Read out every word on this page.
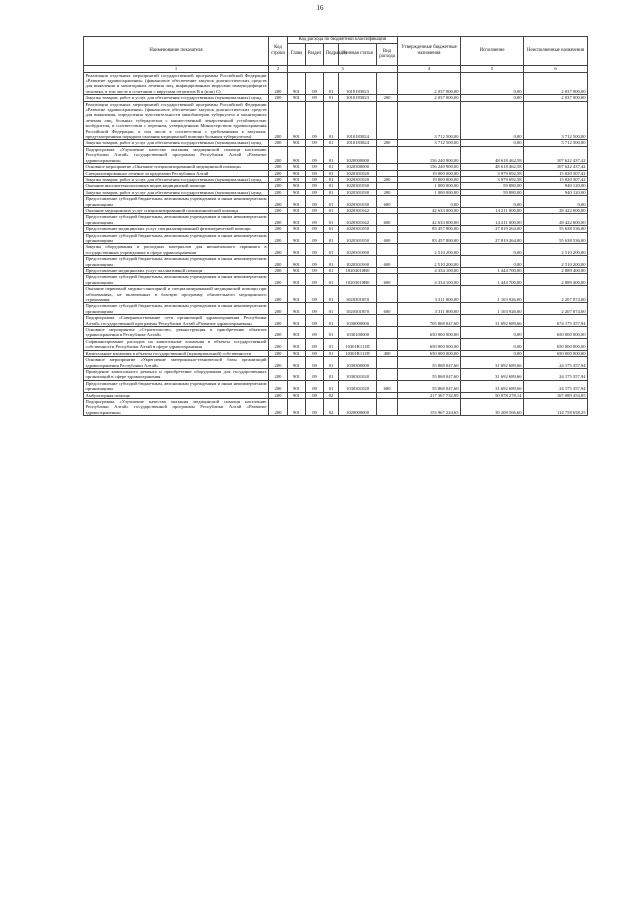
16
Наименование показателя	Код строки	Код расхода по бюджетной классификации					Утвержденные бюджетные назначения	Исполнение	Неисполненные назначения
		Глава	Раздел	Подраздел	Целевая статья	Вид расхода			
1	2	3					4	5	6
Реализация отдельных мероприятий государственной программы Российской Федерации «Развитие здравоохранения» (финансовое обеспечение закупок диагностических средств для выявления и мониторинга лечения лиц, инфицированных вирусами иммунодефицита человека, в том числе в сочетании с вирусами гепатитов B и (или) C)	200	901	09	01	1010183823		2 037 000,00	0,00	2 037 000,00
Закупка товаров, работ и услуг для обеспечения государственных (муниципальных) нужд	200	901	09	01	1010183823	200	2 037 000,00	0,00	2 037 000,00
Реализация отдельных мероприятий государственной программы Российской Федерации «Развитие здравоохранения» (финансовое обеспечение закупок диагностических средств для выявления, определения чувствительности микобактерии туберкулеза и мониторинга лечения лиц, больных туберкулезом с множественной лекарственной устойчивостью возбудителя, в соответствии с перечнем, утвержденным Министерством здравоохранения Российской Федерации, в том числе в соответствии с требованиями к закупкам, предусмотренным порядком оказания медицинской помощи больным туберкулезом)	200	901	09	01	1010183824		3 712 500,00	0,00	3 712 500,00
Закупка товаров, работ и услуг для обеспечения государственных (муниципальных) нужд	200	901	09	01	1010183824	200	3 712 500,00	0,00	3 712 500,00
Подпрограмма «Улучшение качества оказания медицинской помощи населению Республики Алтай» государственной программы Республики Алтай «Развитие здравоохранения»	200	901	09	01	1020000000		156 240 900,00	48 618 462,58	107 622 437,42
Основное мероприятие «Оказание специализированной медицинской помощи»	200	901	09	01	1020300000		156 240 900,00	48 618 462,58	107 622 437,42
Специализированное лечение за пределами Республики Алтай	200	901	09	01	1020301020		19 000 000,00	3 979 692,58	15 020 307,42
Закупка товаров, работ и услуг для обеспечения государственных (муниципальных) нужд	200	901	09	01	1020301020	200	19 000 000,00	3 979 692,58	15 020 307,42
Оказание высокотехнологичных видов медицинской помощи	200	901	09	01	1020301030		1 000 000,00	59 880,00	940 120,00
Закупка товаров, работ и услуг для обеспечения государственных (муниципальных) нужд	200	901	09	01	1020301030	200	1 000 000,00	59 880,00	940 120,00
Предоставление субсидий бюджетным, автономным учреждениям и иным некоммерческим организациям	200	901	09	01	1020301030	600	0,00	0,00	0,00
Оказание медицинских услуг специализированной поликлинической помощи	200	901	09	01	1020301042		42 633 000,00	14 211 000,00	28 422 000,00
Предоставление субсидий бюджетным, автономным учреждениям и иным некоммерческим организациям	200	901	09	01	1020301042	600	42 633 000,00	14 211 000,00	28 422 000,00
Предоставление медицинских услуг специализированной фтизиатрической помощи	200	901	09	01	1020301050		83 457 800,00	27 819 264,00	55 638 536,00
Предоставление субсидий бюджетным, автономным учреждениям и иным некоммерческим организациям	200	901	09	01	1020301050	600	83 457 800,00	27 819 264,00	55 638 536,00
Закупка оборудования и расходных материалов для неонатального скрининга в государственных учреждениях в сфере здравоохранения	200	901	09	01	10203010б0		2 510 200,00	0,00	2 510 200,00
Предоставление субсидий бюджетным, автономным учреждениям и иным некоммерческим организациям	200	901	09	01	10203010б0	600	2 510 200,00	0,00	2 510 200,00
Предоставление медицинских услуг паллиативной помощи	200	901	09	01	10203010В0		4 334 100,00	1 444 700,00	2 889 400,00
Предоставление субсидий бюджетным, автономным учреждениям и иным некоммерческим организациям	200	901	09	01	10203010В0	600	4 334 100,00	1 444 700,00	2 889 400,00
Оказание первичной медико-санитарной и специализированной медицинской помощи при заболеваниях, не включенных в базовую программу обязательного медицинского страхования	200	901	09	01	10203010Г0		3 311 800,00	1 103 926,00	2 207 874,00
Предоставление субсидий бюджетным, автономным учреждениям и иным некоммерческим организациям	200	901	09	01	10203010Г0	600	3 311 800,00	1 103 926,00	2 207 874,00
Подпрограмма «Совершенствование сети организаций здравоохранения Республики Алтай» государственной программы Республики Алтай «Развитие здравоохранения»	200	901	09	01	1030000000		705 868 047,60	31 692 689,66	674 175 357,94
Основное мероприятие «Строительство, реконструкция и приобретение объектов здравоохранения в Республике Алтай»	200	901	09	01	1030100000		650 000 000,00	0,00	650 000 000,00
Софинансирование расходов на капитальные вложения в объекты государственной собственности Республики Алтай в сфере здравоохранения	200	901	09	01	10301R111П		650 000 000,00	0,00	650 000 000,00
Капитальные вложения в объекты государственной (муниципальной) собственности	200	901	09	01	10301R111П	400	650 000 000,00	0,00	650 000 000,00
Основное мероприятие «Укрепление материально-технической базы организаций здравоохранения Республики Алтай»	200	901	09	01	1030300000		55 868 047,60	31 692 689,66	24 175 357,94
Проведение капитального ремонта и приобретение оборудования для государственных организаций в сфере здравоохранения	200	901	09	01	1030301020		55 868 047,60	31 692 689,66	24 175 357,94
Предоставление субсидий бюджетным, автономным учреждениям и иным некоммерческим организациям	200	901	09	01	1030301020	600	55 868 047,60	31 692 689,66	24 175 357,94
Амбулаторная помощь	200	901	09	02			217 367 732,99	50 078 278,14	167 089 454,85
Подпрограмма «Улучшение качества оказания медицинской помощи населению Республики Алтай» государственной программы Республики Алтай «Развитие здравоохранения»	200	901	09	02	1020000000		153 967 224,65	39 208 566,60	114 758 658,25
